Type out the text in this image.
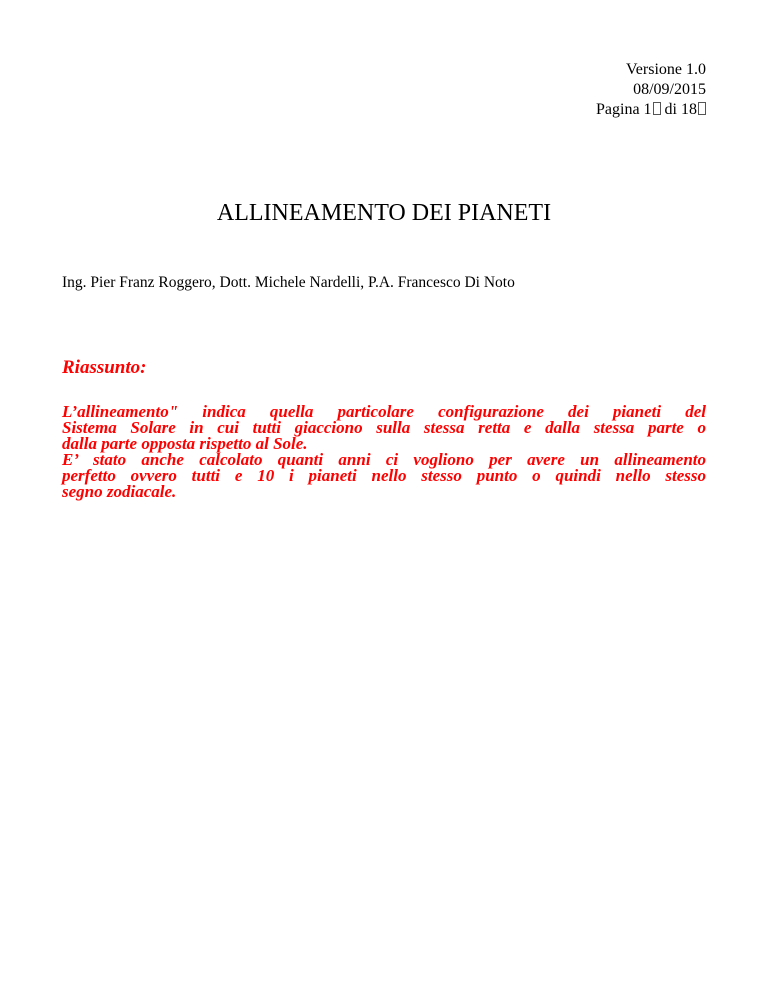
Versione 1.0
08/09/2015
Pagina 1 di 18
ALLINEAMENTO DEI PIANETI
Ing. Pier Franz Roggero, Dott. Michele Nardelli, P.A. Francesco Di Noto
Riassunto:

L’allineamento" indica quella particolare configurazione dei pianeti del
Sistema Solare in cui tutti giacciono sulla stessa retta e dalla stessa parte o
dalla parte opposta rispetto al Sole.

E’ stato anche calcolato quanti anni ci vogliono per avere un allineamento
perfetto ovvero tutti e 10 i pianeti nello stesso punto o quindi nello stesso
segno zodiacale.
